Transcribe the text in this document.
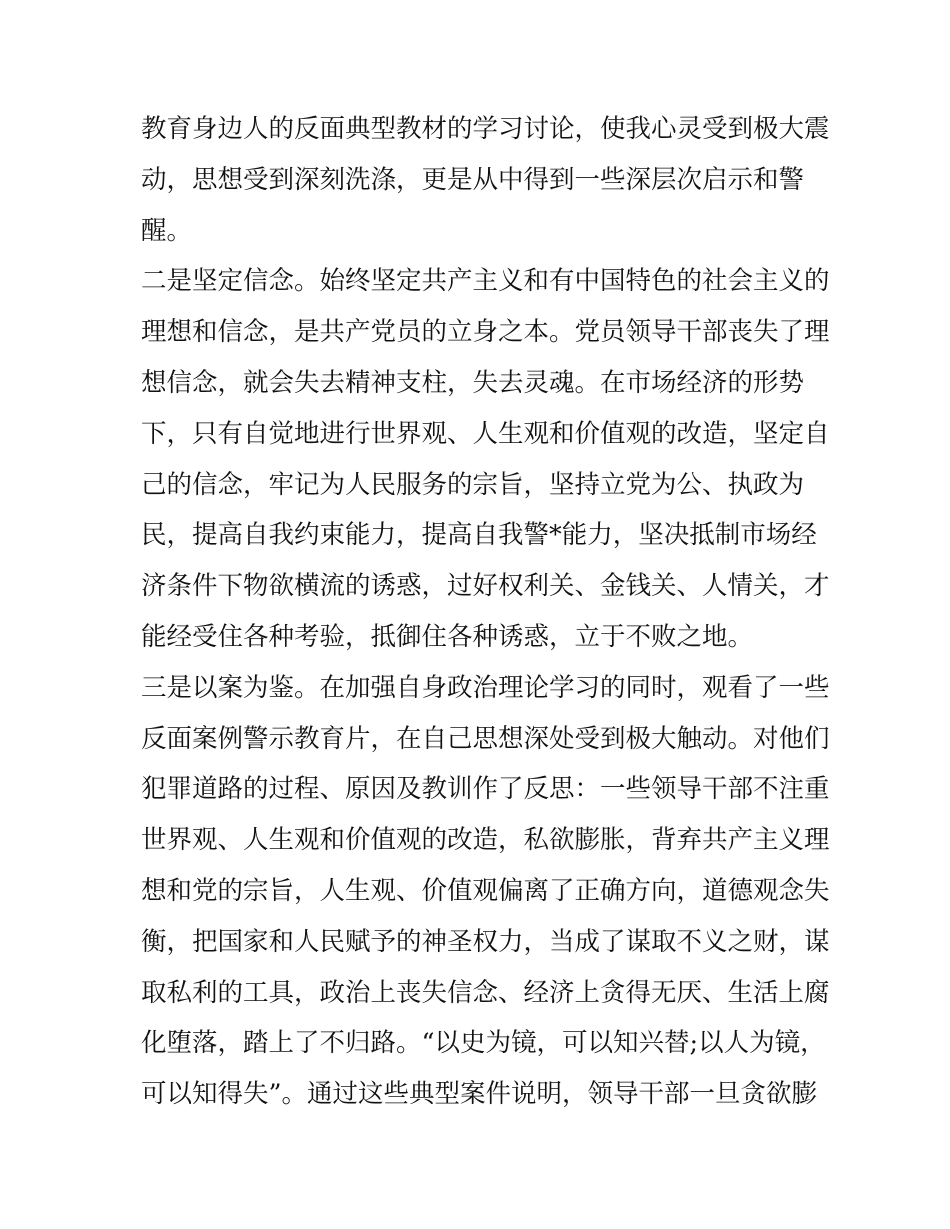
教育身边人的反面典型教材的学习讨论，使我心灵受到极大震
动，思想受到深刻洗涤，更是从中得到一些深层次启示和警
醒。
二是坚定信念。始终坚定共产主义和有中国特色的社会主义的
理想和信念，是共产党员的立身之本。党员领导干部丧失了理
想信念，就会失去精神支柱，失去灵魂。在市场经济的形势
下，只有自觉地进行世界观、人生观和价值观的改造，坚定自
己的信念，牢记为人民服务的宗旨，坚持立党为公、执政为
民，提高自我约束能力，提高自我警*能力，坚决抵制市场经
济条件下物欲横流的诱惑，过好权利关、金钱关、人情关，才
能经受住各种考验，抵御住各种诱惑，立于不败之地。
三是以案为鉴。在加强自身政治理论学习的同时，观看了一些
反面案例警示教育片，在自己思想深处受到极大触动。对他们
犯罪道路的过程、原因及教训作了反思：一些领导干部不注重
世界观、人生观和价值观的改造，私欲膨胀，背弃共产主义理
想和党的宗旨，人生观、价值观偏离了正确方向，道德观念失
衡，把国家和人民赋予的神圣权力，当成了谋取不义之财，谋
取私利的工具，政治上丧失信念、经济上贪得无厌、生活上腐
化堕落，踏上了不归路。“以史为镜，可以知兴替;以人为镜，
可以知得失”。通过这些典型案件说明，领导干部一旦贪欲膨
